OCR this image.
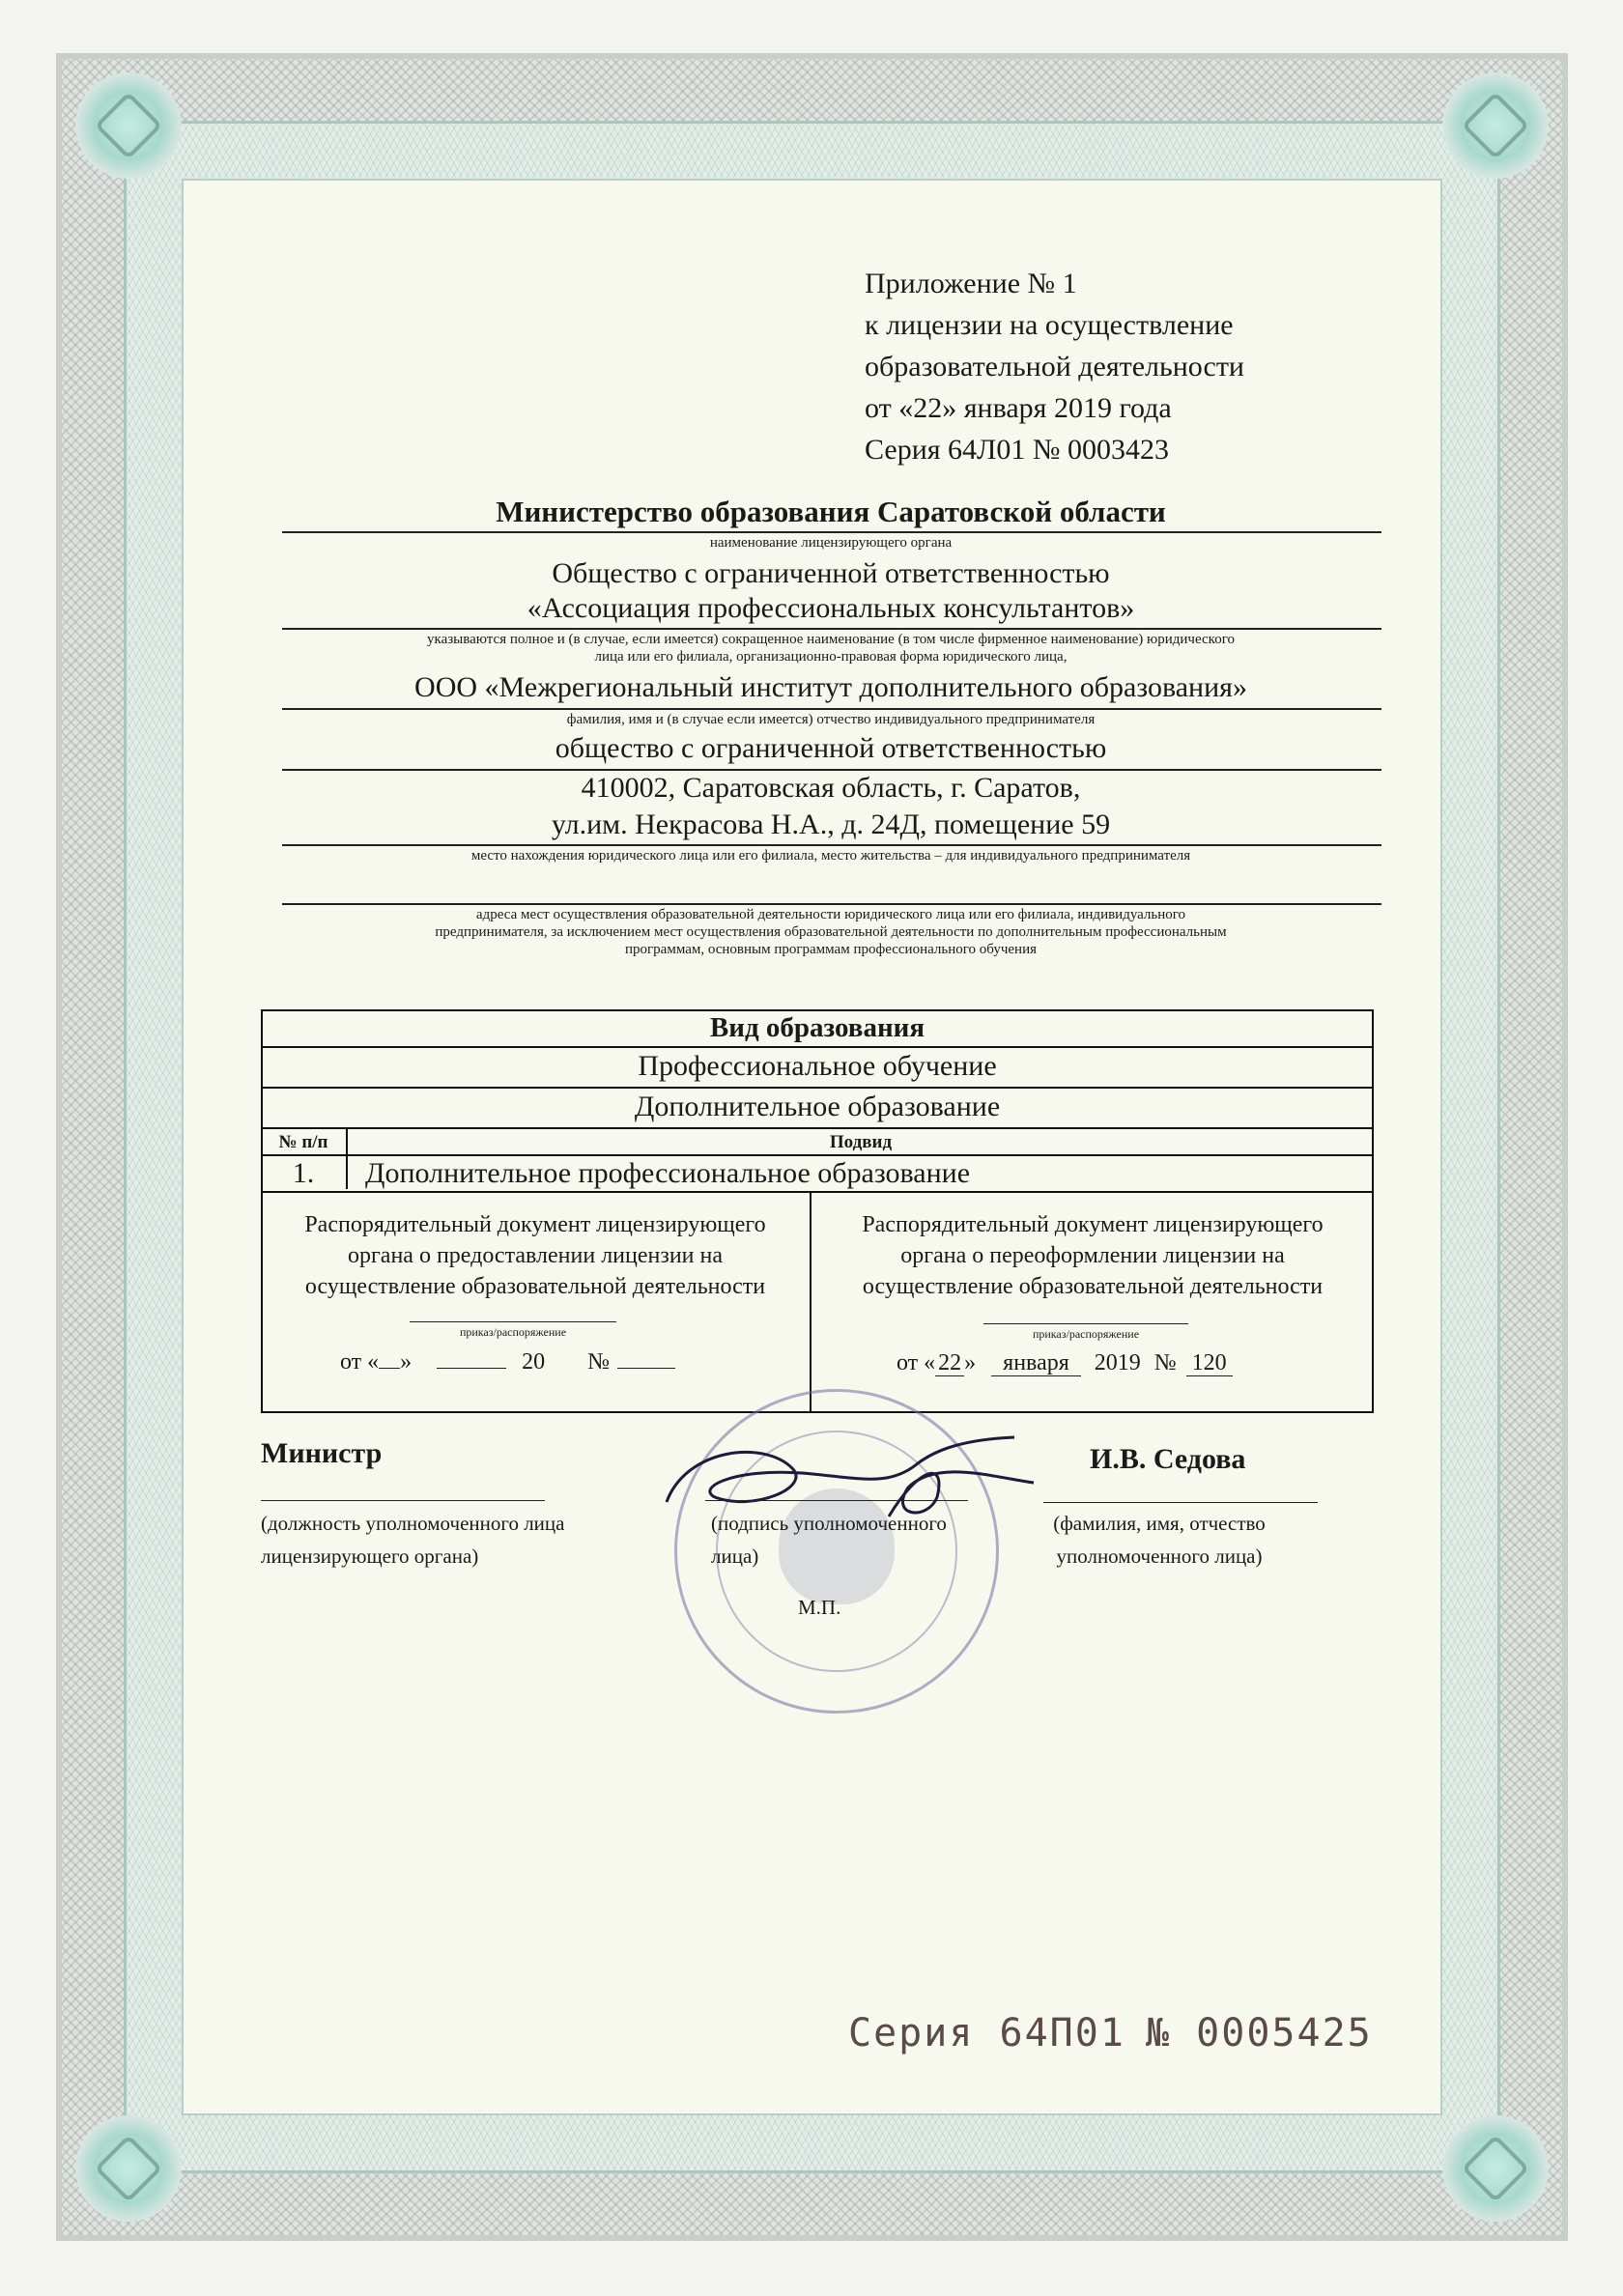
Приложение № 1
к лицензии на осуществление
образовательной деятельности
от «22» января 2019 года
Серия 64Л01 № 0003423
Министерство образования Саратовской области
наименование лицензирующего органа
Общество с ограниченной ответственностью
«Ассоциация профессиональных консультантов»
указываются полное и (в случае, если имеется) сокращенное наименование (в том числе фирменное наименование) юридического
лица или его филиала, организационно-правовая форма юридического лица,
ООО «Межрегиональный институт дополнительного образования»
фамилия, имя и (в случае если имеется) отчество индивидуального предпринимателя
общество с ограниченной ответственностью
410002, Саратовская область, г. Саратов,
ул.им. Некрасова Н.А., д. 24Д, помещение 59
место нахождения юридического лица или его филиала, место жительства – для индивидуального предпринимателя
адреса мест осуществления образовательной деятельности юридического лица или его филиала, индивидуального
предпринимателя, за исключением мест осуществления образовательной деятельности по дополнительным профессиональным
программам, основным программам профессионального обучения
Вид образования
Профессиональное обучение
Дополнительное образование
№ п/п	Подвид
1.	Дополнительное профессиональное образование
Распорядительный документ лицензирующего
органа о предоставлении лицензии на
осуществление образовательной деятельности
приказ/распоряжение
от « »	20 №
Распорядительный документ лицензирующего
органа о переоформлении лицензии на
осуществление образовательной деятельности
приказ/распоряжение
от « 22 » января 2019 № 120
Министр
(должность уполномоченного лица
лицензирующего органа)
(подпись уполномоченного
лица)
М.П.
И.В. Седова
(фамилия, имя, отчество
уполномоченного лица)
Серия 64П01 № 0005425
